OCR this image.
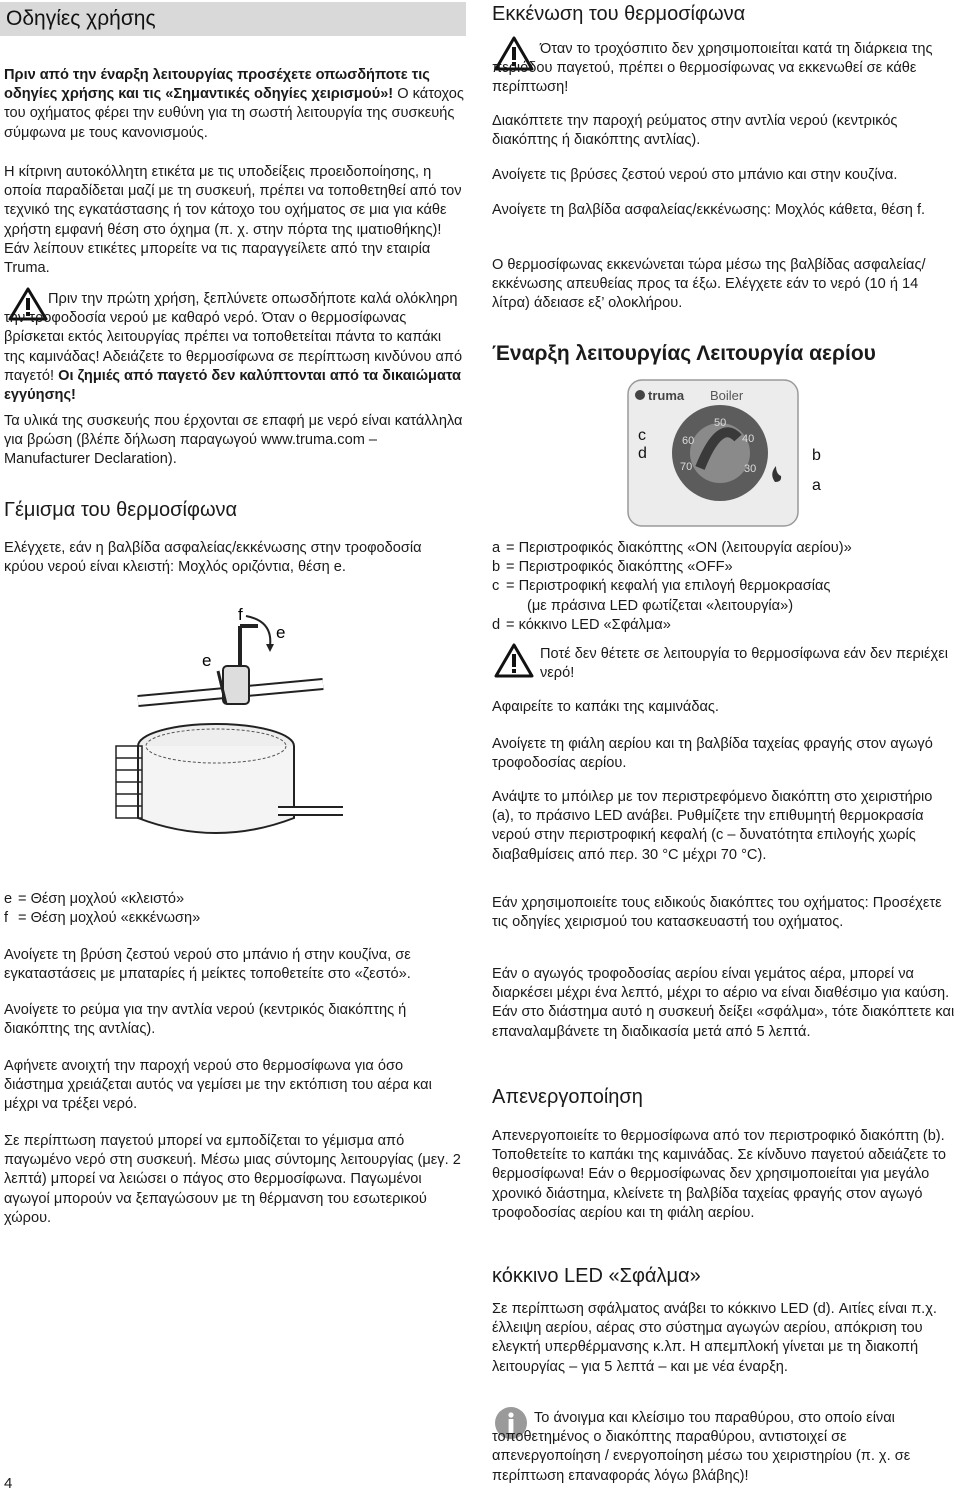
Οδηγίες χρήσης

Πριν από την έναρξη λειτουργίας προσέχετε οπωσδήποτε τις οδηγίες χρήσης και τις «Σημαντικές οδηγίες χειρισμού»! Ο κάτοχος του οχήματος φέρει την ευθύνη για τη σωστή λειτουργία της συσκευής σύμφωνα με τους κανονισμούς.

Η κίτρινη αυτοκόλλητη ετικέτα με τις υποδείξεις προειδοποίησης, η οποία παραδίδεται μαζί με τη συσκευή, πρέπει να τοποθετηθεί από τον τεχνικό της εγκατάστασης ή τον κάτοχο του οχήματος σε μια για κάθε χρήστη εμφανή θέση στο όχημα (π. χ. στην πόρτα της ιματιοθήκης)! Εάν λείπουν ετικέτες μπορείτε να τις παραγγείλετε από την εταιρία Truma.

Πριν την πρώτη χρήση, ξεπλύνετε οπωσδήποτε καλά ολόκληρη την τροφοδοσία νερού με καθαρό νερό. Όταν ο θερμοσίφωνας βρίσκεται εκτός λειτουργίας πρέπει να τοποθετείται πάντα το καπάκι της καμινάδας! Αδειάζετε το θερμοσίφωνα σε περίπτωση κινδύνου από παγετό! Οι ζημιές από παγετό δεν καλύπτονται από τα δικαιώματα εγγύησης!

Τα υλικά της συσκευής που έρχονται σε επαφή με νερό είναι κατάλληλα για βρώση (βλέπε δήλωση παραγωγού www.truma.com – Manufacturer Declaration).

Γέμισμα του θερμοσίφωνα

Ελέγχετε, εάν η βαλβίδα ασφαλείας/εκκένωσης στην τροφοδοσία κρύου νερού είναι κλειστή: Μοχλός οριζόντια, θέση e.

f
e
e
e = Θέση μοχλού «κλειστό»
f = Θέση μοχλού «εκκένωση»

Ανοίγετε τη βρύση ζεστού νερού στο μπάνιο ή στην κουζίνα, σε εγκαταστάσεις με μπαταρίες ή μείκτες τοποθετείτε στο «ζεστό».

Ανοίγετε το ρεύμα για την αντλία νερού (κεντρικός διακόπτης ή διακόπτης της αντλίας).

Αφήνετε ανοιχτή την παροχή νερού στο θερμοσίφωνα για όσο διάστημα χρειάζεται αυτός να γεμίσει με την εκτόπιση του αέρα και μέχρι να τρέξει νερό.

Σε περίπτωση παγετού μπορεί να εμποδίζεται το γέμισμα από παγωμένο νερό στη συσκευή. Μέσω μιας σύντομης λειτουργίας (μεγ. 2 λεπτά) μπορεί να λειώσει ο πάγος στο θερμοσίφωνα. Παγωμένοι αγωγοί μπορούν να ξεπαγώσουν με τη θέρμανση του εσωτερικού χώρου.

4
Εκκένωση του θερμοσίφωνα

Όταν το τροχόσπιτο δεν χρησιμοποιείται κατά τη διάρκεια της περιόδου παγετού, πρέπει ο θερμοσίφωνας να εκκενωθεί σε κάθε περίπτωση!

Διακόπτετε την παροχή ρεύματος στην αντλία νερού (κεντρικός διακόπτης ή διακόπτης αντλίας).

Ανοίγετε τις βρύσες ζεστού νερού στο μπάνιο και στην κουζίνα.

Ανοίγετε τη βαλβίδα ασφαλείας/εκκένωσης: Μοχλός κάθετα, θέση f.

Ο θερμοσίφωνας εκκενώνεται τώρα μέσω της βαλβίδας ασφαλείας/εκκένωσης απευθείας προς τα έξω. Ελέγχετε εάν το νερό (10 ή 14 λίτρα) άδειασε εξ’ ολοκλήρου.

Έναρξη λειτουργίας Λειτουργία αερίου
truma Boiler
60
50
40
70	30
c
d	b
a
a = Περιστροφικός διακόπτης «ON (λειτουργία αερίου)»
b = Περιστροφικός διακόπτης «OFF»
c = Περιστροφική κεφαλή για επιλογή θερμοκρασίας
(με πράσινα LED φωτίζεται «λειτουργία»)
d = κόκκινο LED «Σφάλμα»

Ποτέ δεν θέτετε σε λειτουργία το θερμοσίφωνα εάν δεν περιέχει νερό!

Αφαιρείτε το καπάκι της καμινάδας.

Ανοίγετε τη φιάλη αερίου και τη βαλβίδα ταχείας φραγής στον αγωγό τροφοδοσίας αερίου.

Ανάψτε το μπόιλερ με τον περιστρεφόμενο διακόπτη στο χειριστήριο (a), το πράσινο LED ανάβει. Ρυθμίζετε την επιθυμητή θερμοκρασία νερού στην περιστροφική κεφαλή (c – δυνατότητα επιλογής χωρίς διαβαθμίσεις από περ. 30 °C μέχρι 70 °C).

Εάν χρησιμοποιείτε τους ειδικούς διακόπτες του οχήματος: Προσέχετε τις οδηγίες χειρισμού του κατασκευαστή του οχήματος.

Εάν ο αγωγός τροφοδοσίας αερίου είναι γεμάτος αέρα, μπορεί να διαρκέσει μέχρι ένα λεπτό, μέχρι το αέριο να είναι διαθέσιμο για καύση. Εάν στο διάστημα αυτό η συσκευή δείξει «σφάλμα», τότε διακόπτετε και επαναλαμβάνετε τη διαδικασία μετά από 5 λεπτά.

Απενεργοποίηση

Απενεργοποιείτε το θερμοσίφωνα από τον περιστροφικό διακόπτη (b). Τοποθετείτε το καπάκι της καμινάδας. Σε κίνδυνο παγετού αδειάζετε το θερμοσίφωνα! Εάν ο θερμοσίφωνας δεν χρησιμοποιείται για μεγάλο χρονικό διάστημα, κλείνετε τη βαλβίδα ταχείας φραγής στον αγωγό τροφοδοσίας αερίου και τη φιάλη αερίου.

κόκκινο LED «Σφάλμα»

Σε περίπτωση σφάλματος ανάβει το κόκκινο LED (d). Αιτίες είναι π.χ. έλλειψη αερίου, αέρας στο σύστημα αγωγών αερίου, απόκριση του ελεγκτή υπερθέρμανσης κ.λπ. Η απεμπλοκή γίνεται με τη διακοπή λειτουργίας – για 5 λεπτά – και με νέα έναρξη.

Το άνοιγμα και κλείσιμο του παραθύρου, στο οποίο είναι τοποθετημένος ο διακόπτης παραθύρου, αντιστοιχεί σε απενεργοποίηση / ενεργοποίηση μέσω του χειριστηρίου (π. χ. σε περίπτωση επαναφοράς λόγω βλάβης)!
